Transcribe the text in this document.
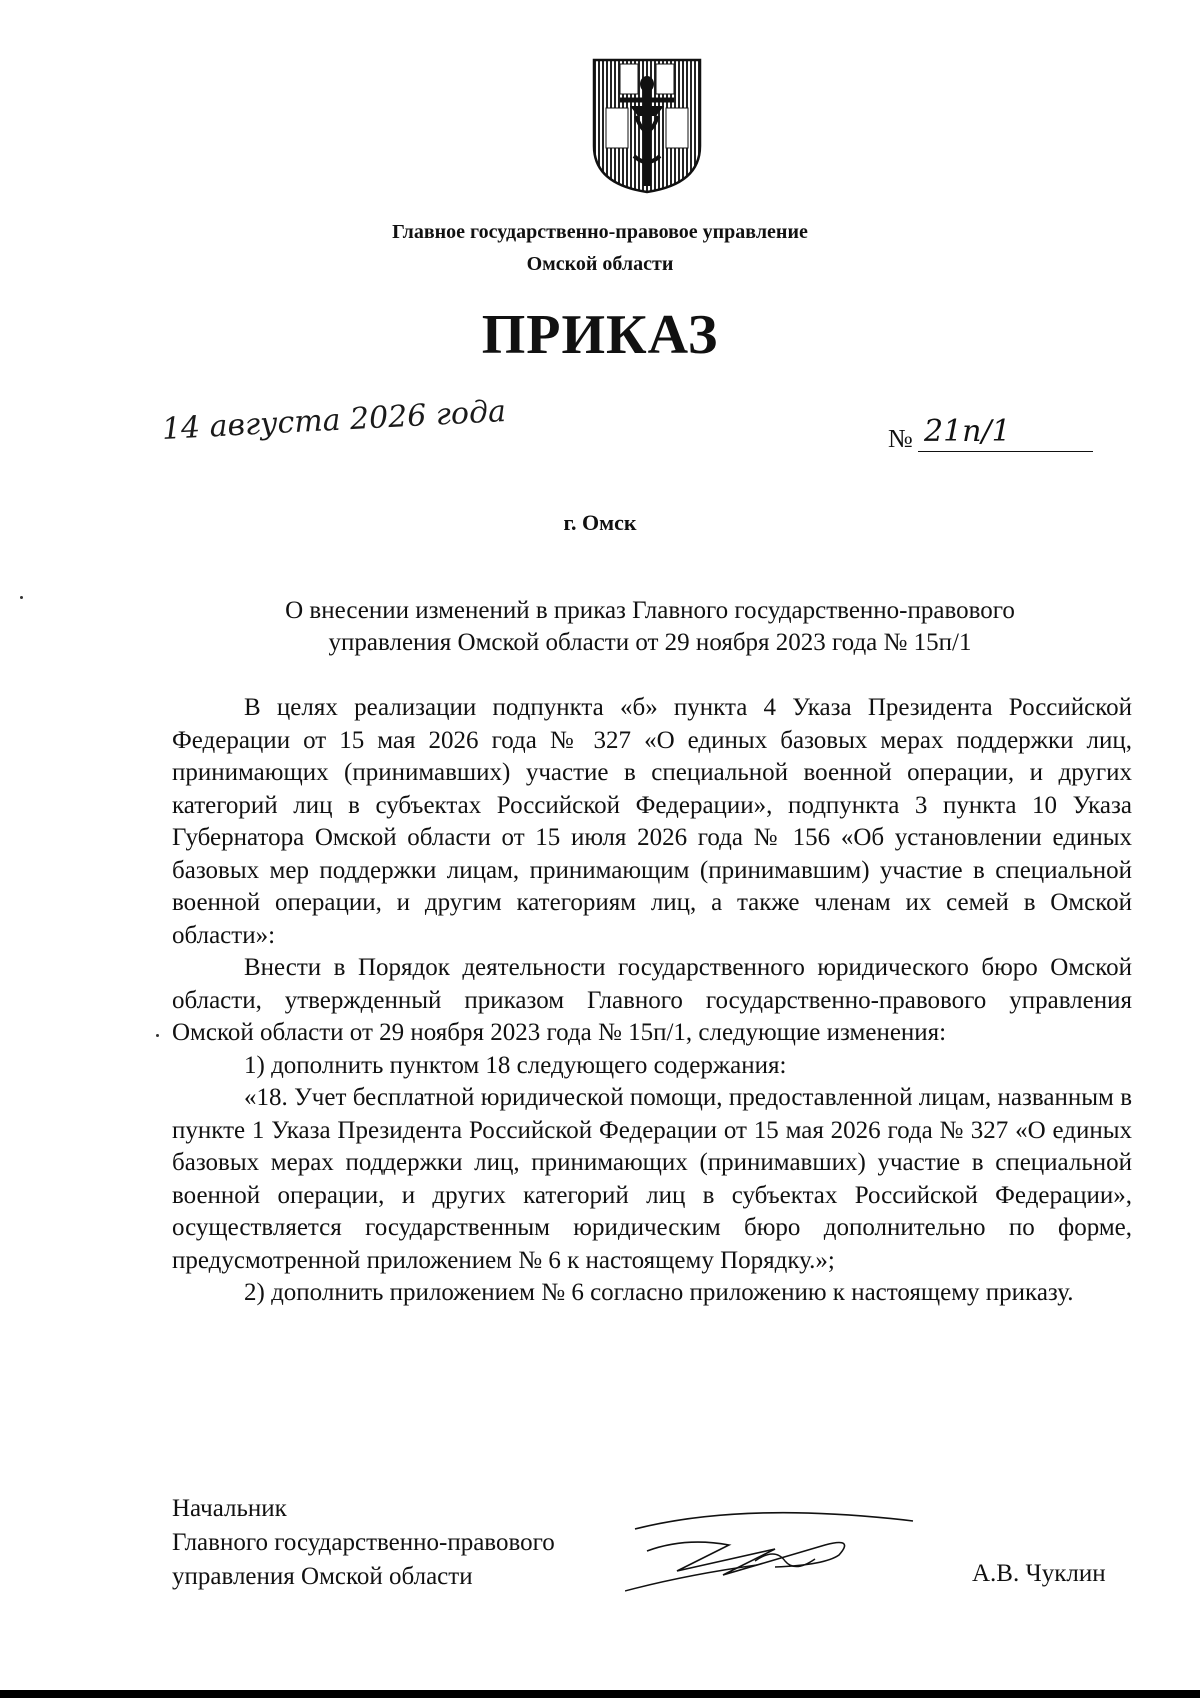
Главное государственно-правовое управление
Омской области
ПРИКАЗ
14 августа 2026 года	№ 21п/1
г. Омск
О внесении изменений в приказ Главного государственно-правового
управления Омской области от 29 ноября 2023 года № 15п/1

В целях реализации подпункта «б» пункта 4 Указа Президента Российской Федерации от 15 мая 2026 года № 327 «О единых базовых мерах поддержки лиц, принимающих (принимавших) участие в специальной военной операции, и других категорий лиц в субъектах Российской Федерации», подпункта 3 пункта 10 Указа Губернатора Омской области от 15 июля 2026 года № 156 «Об установлении единых базовых мер поддержки лицам, принимающим (принимавшим) участие в специальной военной операции, и другим категориям лиц, а также членам их семей в Омской области»:

Внести в Порядок деятельности государственного юридического бюро Омской области, утвержденный приказом Главного государственно-правового управления Омской области от 29 ноября 2023 года № 15п/1, следующие изменения:

1) дополнить пунктом 18 следующего содержания:

«18. Учет бесплатной юридической помощи, предоставленной лицам, названным в пункте 1 Указа Президента Российской Федерации от 15 мая 2026 года № 327 «О единых базовых мерах поддержки лиц, принимающих (принимавших) участие в специальной военной операции, и других категорий лиц в субъектах Российской Федерации», осуществляется государственным юридическим бюро дополнительно по форме, предусмотренной приложением № 6 к настоящему Порядку.»;

2) дополнить приложением № 6 согласно приложению к настоящему приказу.

Начальник
Главного государственно-правового
управления Омской области	А.В. Чуклин
